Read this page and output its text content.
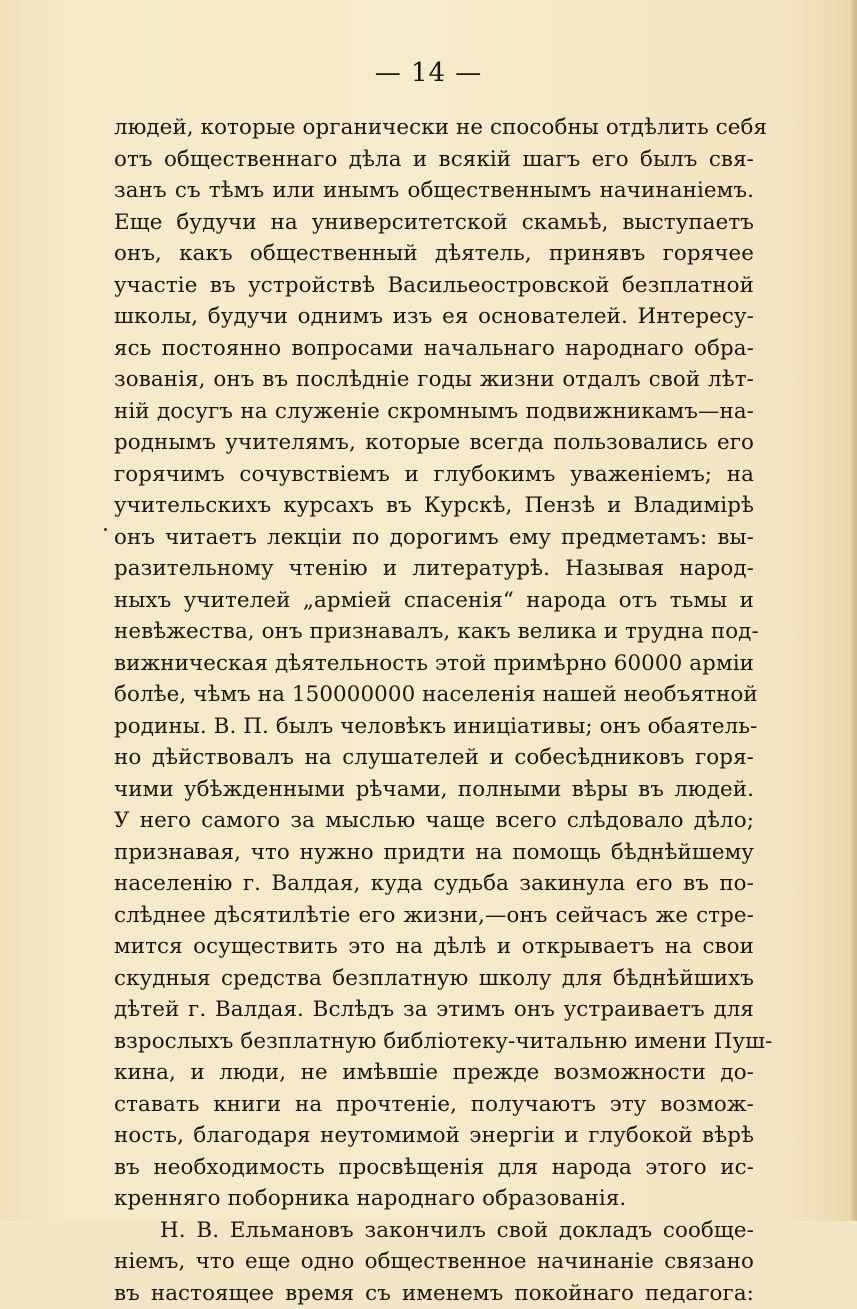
— 14 —
людей, которые органически не способны отдѣлить себя
отъ общественнаго дѣла и всякій шагъ его былъ свя-
занъ съ тѣмъ или инымъ общественнымъ начинаніемъ.
Еще будучи на университетской скамьѣ, выступаетъ
онъ, какъ общественный дѣятель, принявъ горячее
участіе въ устройствѣ Васильеостровской безплатной
школы, будучи однимъ изъ ея основателей. Интересу-
ясь постоянно вопросами начальнаго народнаго обра-
зованія, онъ въ послѣдніе годы жизни отдалъ свой лѣт-
ній досугъ на служеніе скромнымъ подвижникамъ—на-
роднымъ учителямъ, которые всегда пользовались его
горячимъ сочувствіемъ и глубокимъ уваженіемъ; на
учительскихъ курсахъ въ Курскѣ, Пензѣ и Владимірѣ
онъ читаетъ лекціи по дорогимъ ему предметамъ: вы-
разительному чтенію и литературѣ. Называя народ-
ныхъ учителей „арміей спасенія“ народа отъ тьмы и
невѣжества, онъ признавалъ, какъ велика и трудна под-
вижническая дѣятельность этой примѣрно 60000 арміи
болѣе, чѣмъ на 150000000 населенія нашей необъятной
родины. В. П. былъ человѣкъ иниціативы; онъ обаятель-
но дѣйствовалъ на слушателей и собесѣдниковъ горя-
чими убѣжденными рѣчами, полными вѣры въ людей.
У него самого за мыслью чаще всего слѣдовало дѣло;
признавая, что нужно придти на помощь бѣднѣйшему
населенію г. Валдая, куда судьба закинула его въ по-
слѣднее дѣсятилѣтіе его жизни,—онъ сейчасъ же стре-
мится осуществить это на дѣлѣ и открываетъ на свои
скудныя средства безплатную школу для бѣднѣйшихъ
дѣтей г. Валдая. Вслѣдъ за этимъ онъ устраиваетъ для
взрослыхъ безплатную библіотеку-читальню имени Пуш-
кина, и люди, не имѣвшіе прежде возможности до-
ставать книги на прочтеніе, получаютъ эту возмож-
ность, благодаря неутомимой энергіи и глубокой вѣрѣ
въ необходимость просвѣщенія для народа этого ис-
кренняго поборника народнаго образованія.
Н. В. Ельмановъ закончилъ свой докладъ сообще-
ніемъ, что еще одно общественное начинаніе связано
въ настоящее время съ именемъ покойнаго педагога:
